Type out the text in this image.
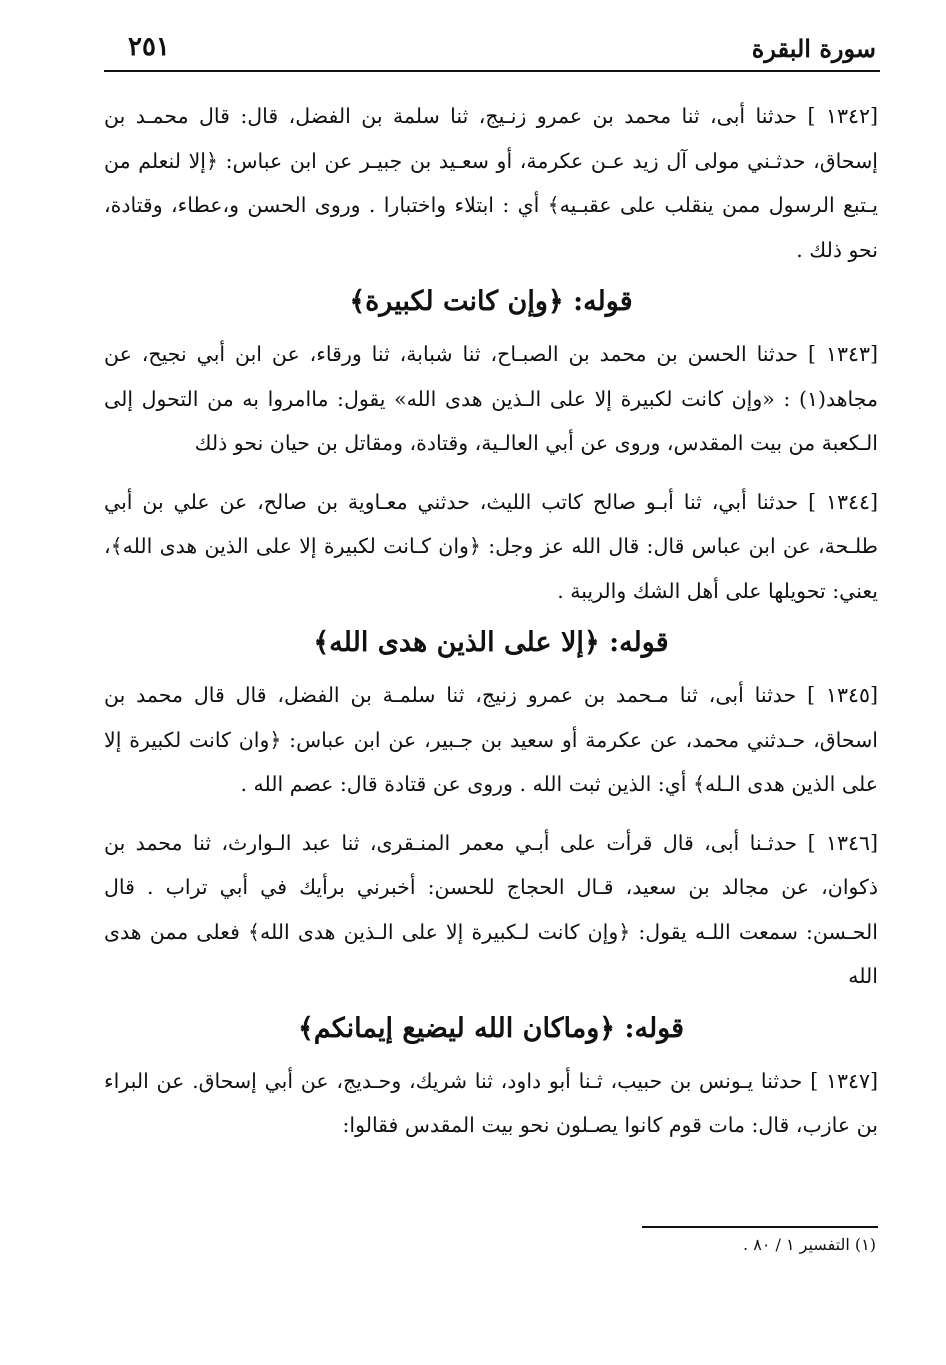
سورة البقرة
٢٥١

[١٣٤٢ ] حدثنا أبى، ثنا محمد بن عمرو زنـيج، ثنا سلمة بن الفضل، قال: قال محمـد بن إسحاق، حدثـني مولى آل زيد عـن عكرمة، أو سعـيد بن جبيـر عن ابن عباس: ﴿إلا لنعلم من يـتبع الرسول ممن ينقلب على عقبـيه﴾ أي : ابتلاء واختبارا . وروى الحسن و،عطاء، وقتادة، نحو ذلك .

قوله: ﴿وإن كانت لكبيرة﴾

[١٣٤٣ ] حدثنا الحسن بن محمد بن الصبـاح، ثنا شبابة، ثنا ورقاء، عن ابن أبي نجيح، عن مجاهد(١) : «وإن كانت لكبيرة إلا على الـذين هدى الله» يقول: ماامروا به من التحول إلى الـكعبة من بيت المقدس، وروى عن أبي العالـية، وقتادة، ومقاتل بن حيان نحو ذلك

[١٣٤٤ ] حدثنا أبي، ثنا أبـو صالح كاتب الليث، حدثني معـاوية بن صالح، عن علي بن أبي طلـحة، عن ابن عباس قال: قال الله عز وجل: ﴿وان كـانت لكبيرة إلا على الذين هدى الله﴾، يعني: تحويلها على أهل الشك والريبة .

قوله: ﴿إلا على الذين هدى الله﴾

[١٣٤٥ ] حدثنا أبى، ثنا مـحمد بن عمرو زنيج، ثنا سلمـة بن الفضل، قال قال محمد بن اسحاق، حـدثني محمد، عن عكرمة أو سعيد بن جـبير، عن ابن عباس: ﴿وان كانت لكبيرة إلا على الذين هدى الـله﴾ أي: الذين ثبت الله . وروى عن قتادة قال: عصم الله .

[١٣٤٦ ] حدثـنا أبى، قال قرأت على أبـي معمر المنـقرى، ثنا عبد الـوارث، ثنا محمد بن ذكوان، عن مجالد بن سعيد، قـال الحجاج للحسن: أخبرني برأيك في أبي تراب . قال الحـسن: سمعت اللـه يقول: ﴿وإن كانت لـكبيرة إلا على الـذين هدى الله﴾ فعلى ممن هدى الله

قوله: ﴿وماكان الله ليضيع إيمانكم﴾

[١٣٤٧ ] حدثنا يـونس بن حبيب، ثـنا أبو داود، ثنا شريك، وحـديج، عن أبي إسحاق. عن البراء بن عازب، قال: مات قوم كانوا يصـلون نحو بيت المقدس فقالوا:

(١) التفسير ١ / ٨٠ .
